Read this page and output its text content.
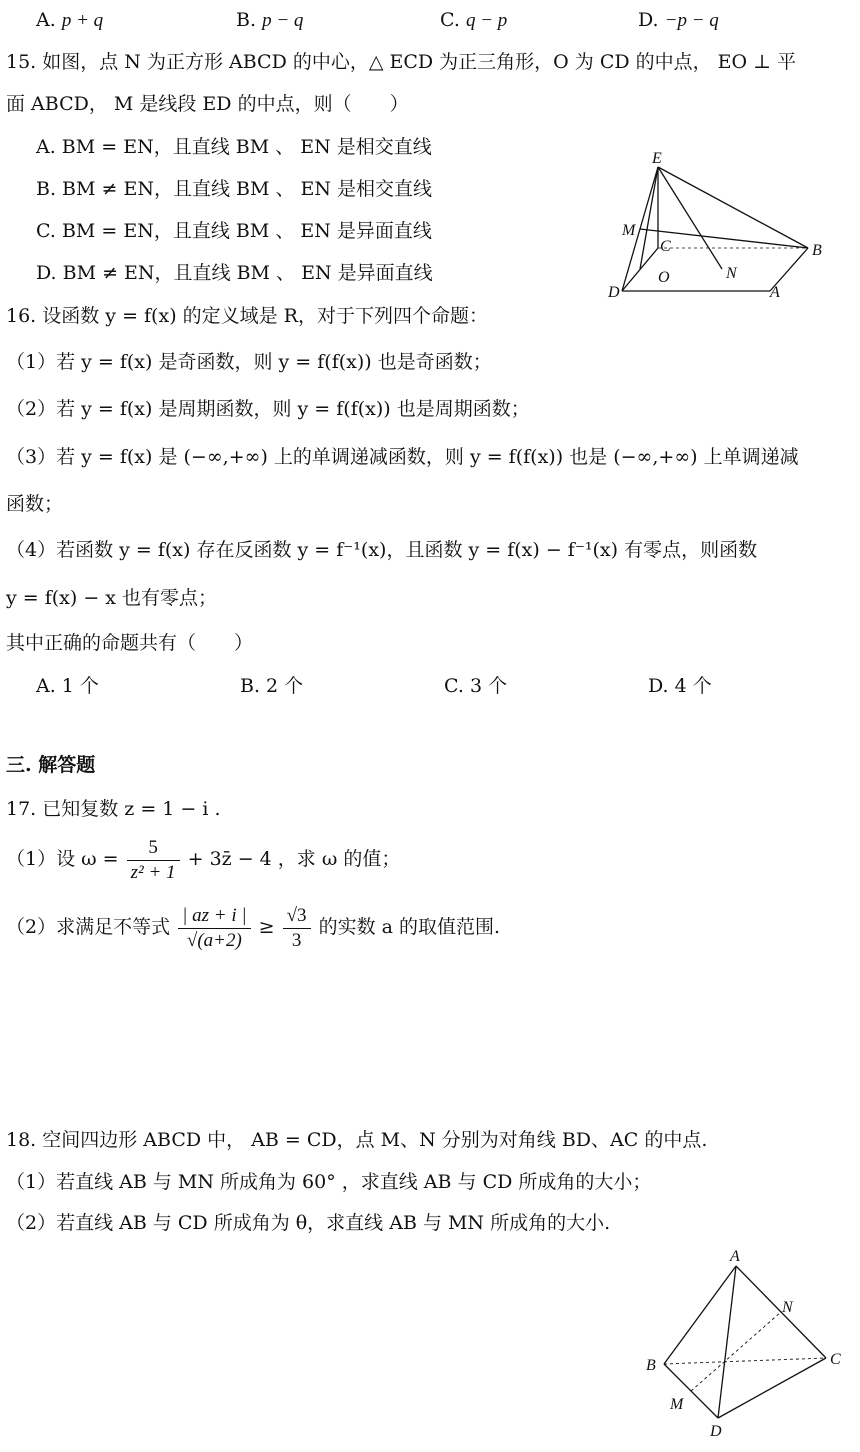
A. p + q	B. p − q	C. q − p	D. −p − q
15. 如图，点 N 为正方形 ABCD 的中心，△ ECD 为正三角形，O 为 CD 的中点， EO ⊥ 平
面 ABCD， M 是线段 ED 的中点，则（　　）
A. BM = EN，且直线 BM 、 EN 是相交直线
B. BM ≠ EN，且直线 BM 、 EN 是相交直线
C. BM = EN，且直线 BM 、 EN 是异面直线
D. BM ≠ EN，且直线 BM 、 EN 是异面直线
E
M
C	B
O	N
D	A
16. 设函数 y = f(x) 的定义域是 R，对于下列四个命题：
（1）若 y = f(x) 是奇函数，则 y = f(f(x)) 也是奇函数；
（2）若 y = f(x) 是周期函数，则 y = f(f(x)) 也是周期函数；
（3）若 y = f(x) 是 (−∞,+∞) 上的单调递减函数，则 y = f(f(x)) 也是 (−∞,+∞) 上单调递减
函数；
（4）若函数 y = f(x) 存在反函数 y = f⁻¹(x)，且函数 y = f(x) − f⁻¹(x) 有零点，则函数
y = f(x) − x 也有零点；
其中正确的命题共有（　　）
A. 1 个	B. 2 个	C. 3 个	D. 4 个
三. 解答题
17. 已知复数 z = 1 − i .
（1）设 $\omega = \frac{5}{\text{z² + 1}}$ + 3z̄ − 4 ，求 ω 的值；
（2）求满足不等式 $\frac{| az + i |}{√(a+2)} \ge \frac{√3}{3}$ 的实数 a 的取值范围.
18. 空间四边形 ABCD 中， AB = CD，点 M、N 分别为对角线 BD、AC 的中点.
（1）若直线 AB 与 MN 所成角为 60° ，求直线 AB 与 CD 所成角的大小；
（2）若直线 AB 与 CD 所成角为 θ，求直线 AB 与 MN 所成角的大小.
A
N
B	C
M
D
